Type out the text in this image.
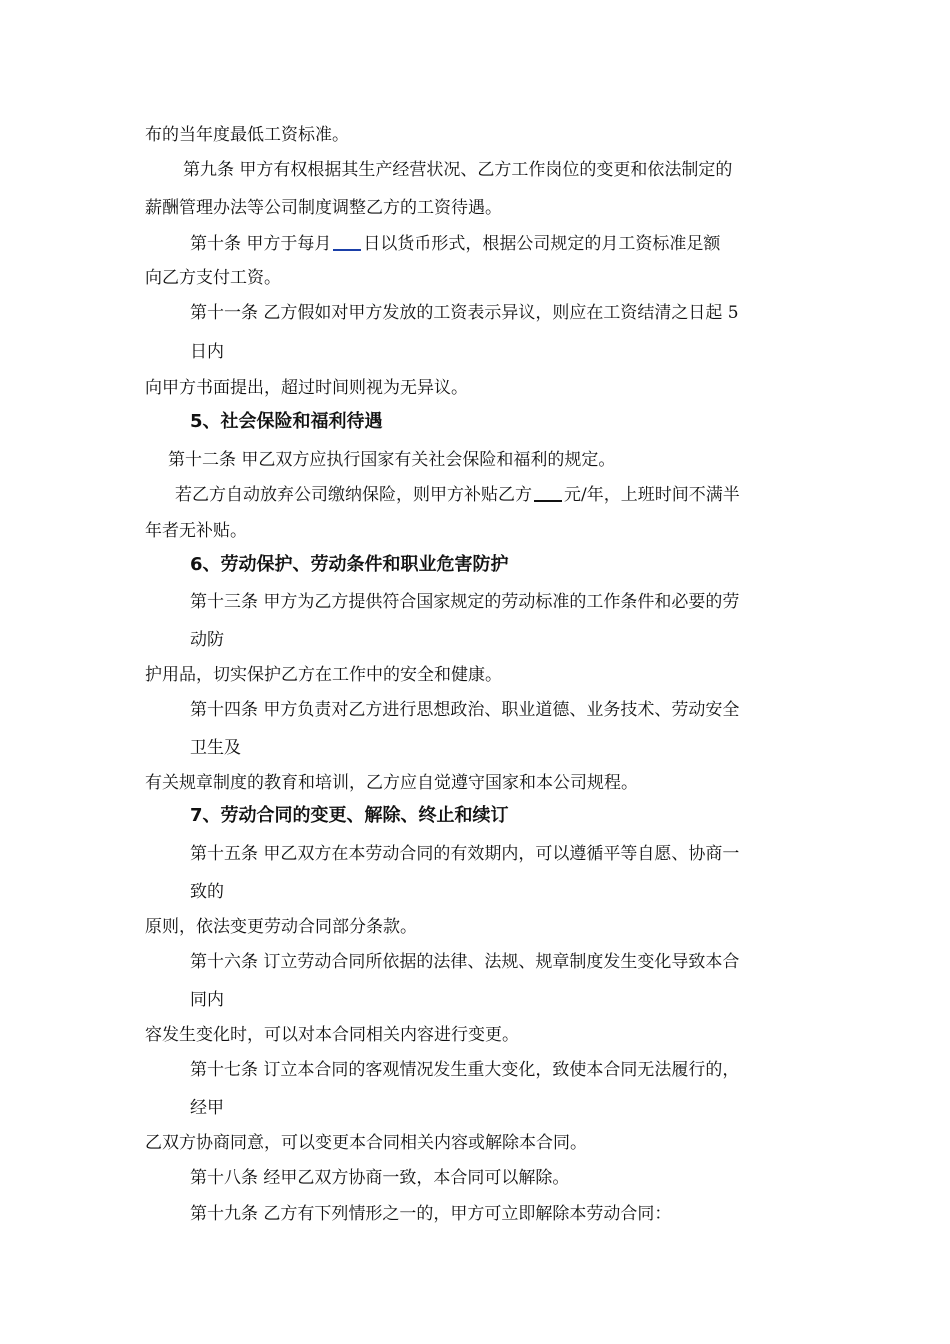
布的当年度最低工资标准。
第九条 甲方有权根据其生产经营状况、乙方工作岗位的变更和依法制定的
薪酬管理办法等公司制度调整乙方的工资待遇。
第十条 甲方于每月 日以货币形式，根据公司规定的月工资标准足额
向乙方支付工资。
第十一条 乙方假如对甲方发放的工资表示异议，则应在工资结清之日起 5
日内
向甲方书面提出，超过时间则视为无异议。
5、社会保险和福利待遇
第十二条 甲乙双方应执行国家有关社会保险和福利的规定。
若乙方自动放弃公司缴纳保险，则甲方补贴乙方 元/年，上班时间不满半
年者无补贴。
6、劳动保护、劳动条件和职业危害防护
第十三条 甲方为乙方提供符合国家规定的劳动标准的工作条件和必要的劳
动防
护用品，切实保护乙方在工作中的安全和健康。
第十四条 甲方负责对乙方进行思想政治、职业道德、业务技术、劳动安全
卫生及
有关规章制度的教育和培训，乙方应自觉遵守国家和本公司规程。
7、劳动合同的变更、解除、终止和续订
第十五条 甲乙双方在本劳动合同的有效期内，可以遵循平等自愿、协商一
致的
原则，依法变更劳动合同部分条款。
第十六条 订立劳动合同所依据的法律、法规、规章制度发生变化导致本合
同内
容发生变化时，可以对本合同相关内容进行变更。
第十七条 订立本合同的客观情况发生重大变化，致使本合同无法履行的，
经甲
乙双方协商同意，可以变更本合同相关内容或解除本合同。
第十八条 经甲乙双方协商一致，本合同可以解除。
第十九条 乙方有下列情形之一的，甲方可立即解除本劳动合同：
